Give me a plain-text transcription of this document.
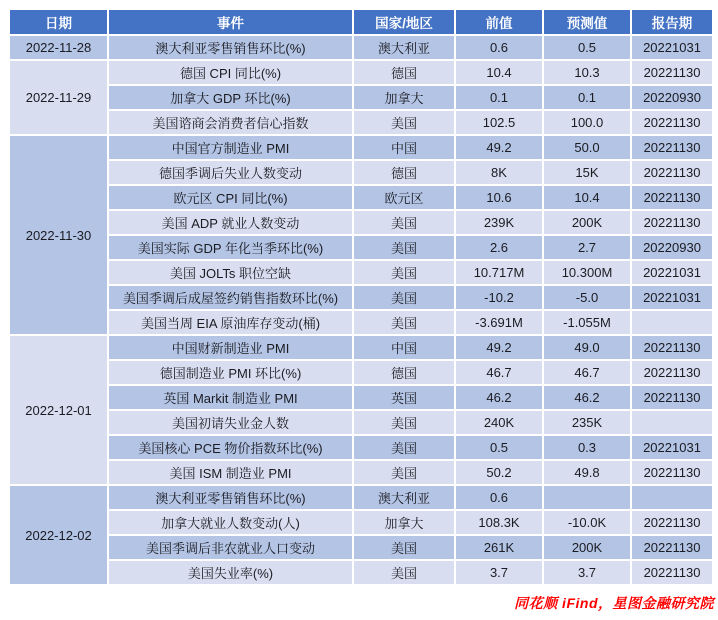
日期	事件	国家/地区	前值	预测值	报告期
2022-11-28	澳大利亚零售销售环比(%)	澳大利亚	0.6	0.5	20221031
2022-11-29	德国 CPI 同比(%)	德国	10.4	10.3	20221130
	加拿大 GDP 环比(%)	加拿大	0.1	0.1	20220930
	美国谘商会消费者信心指数	美国	102.5	100.0	20221130
2022-11-30	中国官方制造业 PMI	中国	49.2	50.0	20221130
	德国季调后失业人数变动	德国	8K	15K	20221130
	欧元区 CPI 同比(%)	欧元区	10.6	10.4	20221130
	美国 ADP 就业人数变动	美国	239K	200K	20221130
	美国实际 GDP 年化当季环比(%)	美国	2.6	2.7	20220930
	美国 JOLTs 职位空缺	美国	10.717M	10.300M	20221031
	美国季调后成屋签约销售指数环比(%)	美国	-10.2	-5.0	20221031
	美国当周 EIA 原油库存变动(桶)	美国	-3.691M	-1.055M	
2022-12-01	中国财新制造业 PMI	中国	49.2	49.0	20221130
	德国制造业 PMI 环比(%)	德国	46.7	46.7	20221130
	英国 Markit 制造业 PMI	英国	46.2	46.2	20221130
	美国初请失业金人数	美国	240K	235K	
	美国核心 PCE 物价指数环比(%)	美国	0.5	0.3	20221031
	美国 ISM 制造业 PMI	美国	50.2	49.8	20221130
2022-12-02	澳大利亚零售销售环比(%)	澳大利亚	0.6		
	加拿大就业人数变动(人)	加拿大	108.3K	-10.0K	20221130
	美国季调后非农就业人口变动	美国	261K	200K	20221130
	美国失业率(%)	美国	3.7	3.7	20221130
同花顺 iFind，星图金融研究院
